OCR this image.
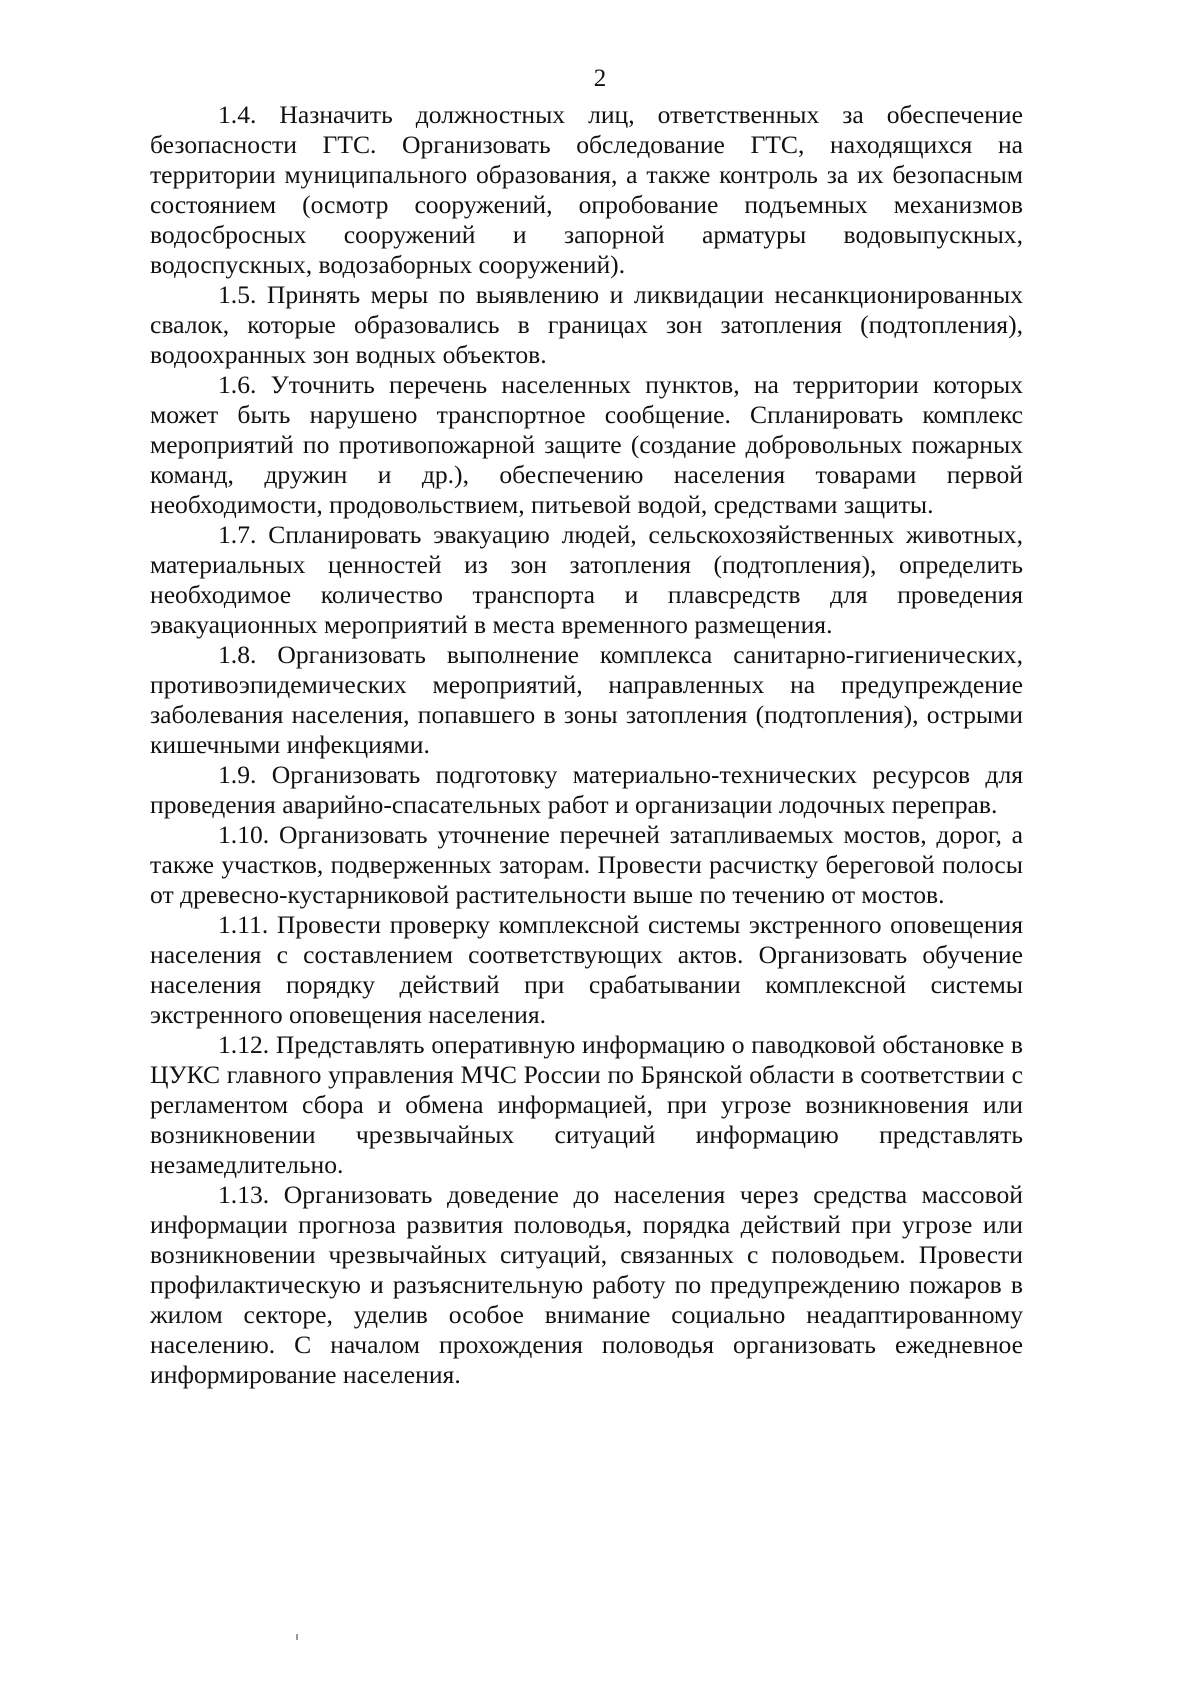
2

1.4. Назначить должностных лиц, ответственных за обеспечение безопасности ГТС. Организовать обследование ГТС, находящихся на территории муниципального образования, а также контроль за их безопасным состоянием (осмотр сооружений, опробование подъемных механизмов водосбросных сооружений и запорной арматуры водовыпускных, водоспускных, водозаборных сооружений).

1.5. Принять меры по выявлению и ликвидации несанкционированных свалок, которые образовались в границах зон затопления (подтопления), водоохранных зон водных объектов.

1.6. Уточнить перечень населенных пунктов, на территории которых может быть нарушено транспортное сообщение. Спланировать комплекс мероприятий по противопожарной защите (создание добровольных пожарных команд, дружин и др.), обеспечению населения товарами первой необходимости, продовольствием, питьевой водой, средствами защиты.

1.7. Спланировать эвакуацию людей, сельскохозяйственных животных, материальных ценностей из зон затопления (подтопления), определить необходимое количество транспорта и плавсредств для проведения эвакуационных мероприятий в места временного размещения.

1.8. Организовать выполнение комплекса санитарно-гигиенических, противоэпидемических мероприятий, направленных на предупреждение заболевания населения, попавшего в зоны затопления (подтопления), острыми кишечными инфекциями.

1.9. Организовать подготовку материально-технических ресурсов для проведения аварийно-спасательных работ и организации лодочных переправ.

1.10. Организовать уточнение перечней затапливаемых мостов, дорог, а также участков, подверженных заторам. Провести расчистку береговой полосы от древесно-кустарниковой растительности выше по течению от мостов.

1.11. Провести проверку комплексной системы экстренного оповещения населения с составлением соответствующих актов. Организовать обучение населения порядку действий при срабатывании комплексной системы экстренного оповещения населения.

1.12. Представлять оперативную информацию о паводковой обстановке в ЦУКС главного управления МЧС России по Брянской области в соответствии с регламентом сбора и обмена информацией, при угрозе возникновения или возникновении чрезвычайных ситуаций информацию представлять незамедлительно.

1.13. Организовать доведение до населения через средства массовой информации прогноза развития половодья, порядка действий при угрозе или возникновении чрезвычайных ситуаций, связанных с половодьем. Провести профилактическую и разъяснительную работу по предупреждению пожаров в жилом секторе, уделив особое внимание социально неадаптированному населению. С началом прохождения половодья организовать ежедневное информирование населения.
